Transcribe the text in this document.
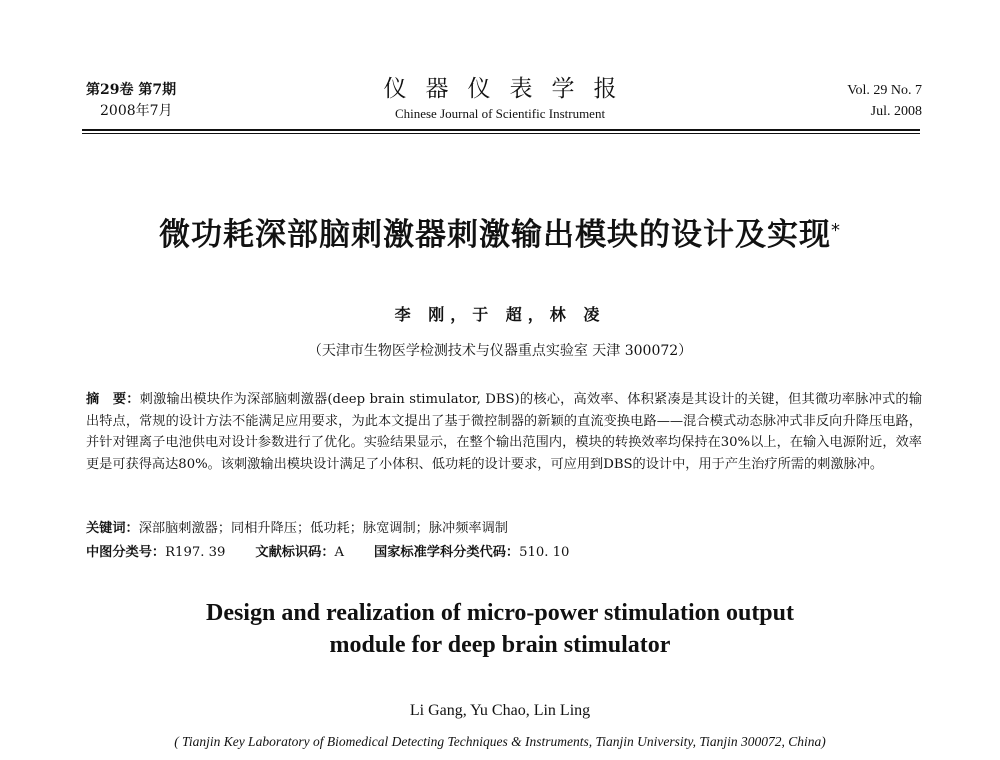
第29卷 第7期
2008年7月
仪器仪表学报
Chinese Journal of Scientific Instrument
Vol. 29 No. 7
Jul. 2008
微功耗深部脑刺激器刺激输出模块的设计及实现*
李 刚，于 超，林 凌
（天津市生物医学检测技术与仪器重点实验室 天津 300072）
摘　要：刺激输出模块作为深部脑刺激器(deep brain stimulator, DBS)的核心，高效率、体积紧凑是其设计的关键，但其微功率脉冲式的输出特点，常规的设计方法不能满足应用要求，为此本文提出了基于微控制器的新颖的直流变换电路——混合模式动态脉冲式非反向升降压电路，并针对锂离子电池供电对设计参数进行了优化。实验结果显示，在整个输出范围内，模块的转换效率均保持在30%以上，在输入电源附近，效率更是可获得高达80%。该刺激输出模块设计满足了小体积、低功耗的设计要求，可应用到DBS的设计中，用于产生治疗所需的刺激脉冲。
关键词：深部脑刺激器；同相升降压；低功耗；脉宽调制；脉冲频率调制
中图分类号：R197. 39 文献标识码：A 国家标准学科分类代码：510. 10
Design and realization of micro-power stimulation output
module for deep brain stimulator
Li Gang, Yu Chao, Lin Ling
( Tianjin Key Laboratory of Biomedical Detecting Techniques & Instruments, Tianjin University, Tianjin 300072, China)
